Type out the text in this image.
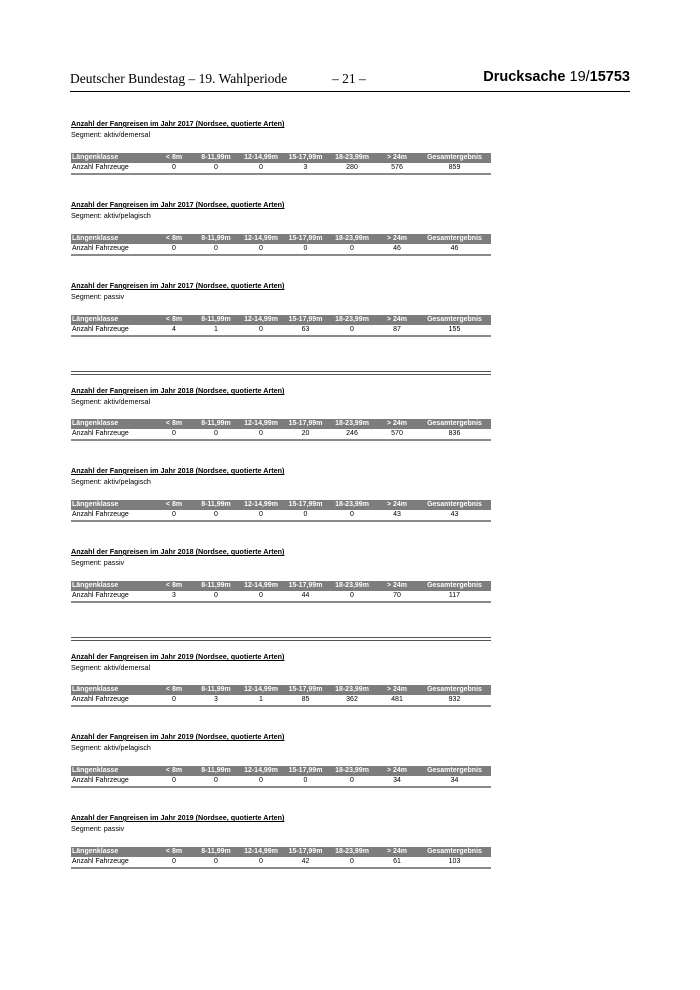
Deutscher Bundestag – 19. Wahlperiode	– 21 –	Drucksache 19/15753
Anzahl der Fangreisen im Jahr 2017 (Nordsee, quotierte Arten)
Segment: aktiv/demersal
Längenklasse	< 8m	8-11,99m	12-14,99m	15-17,99m	18-23,99m	> 24m	Gesamtergebnis
Anzahl Fahrzeuge	0	0	0	3	280	576	859
Anzahl der Fangreisen im Jahr 2017 (Nordsee, quotierte Arten)
Segment: aktiv/pelagisch
Längenklasse	< 8m	8-11,99m	12-14,99m	15-17,99m	18-23,99m	> 24m	Gesamtergebnis
Anzahl Fahrzeuge	0	0	0	0	0	46	46
Anzahl der Fangreisen im Jahr 2017 (Nordsee, quotierte Arten)
Segment: passiv
Längenklasse	< 8m	8-11,99m	12-14,99m	15-17,99m	18-23,99m	> 24m	Gesamtergebnis
Anzahl Fahrzeuge	4	1	0	63	0	87	155
Anzahl der Fangreisen im Jahr 2018 (Nordsee, quotierte Arten)
Segment: aktiv/demersal
Längenklasse	< 8m	8-11,99m	12-14,99m	15-17,99m	18-23,99m	> 24m	Gesamtergebnis
Anzahl Fahrzeuge	0	0	0	20	246	570	836
Anzahl der Fangreisen im Jahr 2018 (Nordsee, quotierte Arten)
Segment: aktiv/pelagisch
Längenklasse	< 8m	8-11,99m	12-14,99m	15-17,99m	18-23,99m	> 24m	Gesamtergebnis
Anzahl Fahrzeuge	0	0	0	0	0	43	43
Anzahl der Fangreisen im Jahr 2018 (Nordsee, quotierte Arten)
Segment: passiv
Längenklasse	< 8m	8-11,99m	12-14,99m	15-17,99m	18-23,99m	> 24m	Gesamtergebnis
Anzahl Fahrzeuge	3	0	0	44	0	70	117
Anzahl der Fangreisen im Jahr 2019 (Nordsee, quotierte Arten)
Segment: aktiv/demersal
Längenklasse	< 8m	8-11,99m	12-14,99m	15-17,99m	18-23,99m	> 24m	Gesamtergebnis
Anzahl Fahrzeuge	0	3	1	85	362	481	932
Anzahl der Fangreisen im Jahr 2019 (Nordsee, quotierte Arten)
Segment: aktiv/pelagisch
Längenklasse	< 8m	8-11,99m	12-14,99m	15-17,99m	18-23,99m	> 24m	Gesamtergebnis
Anzahl Fahrzeuge	0	0	0	0	0	34	34
Anzahl der Fangreisen im Jahr 2019 (Nordsee, quotierte Arten)
Segment: passiv
Längenklasse	< 8m	8-11,99m	12-14,99m	15-17,99m	18-23,99m	> 24m	Gesamtergebnis
Anzahl Fahrzeuge	0	0	0	42	0	61	103
